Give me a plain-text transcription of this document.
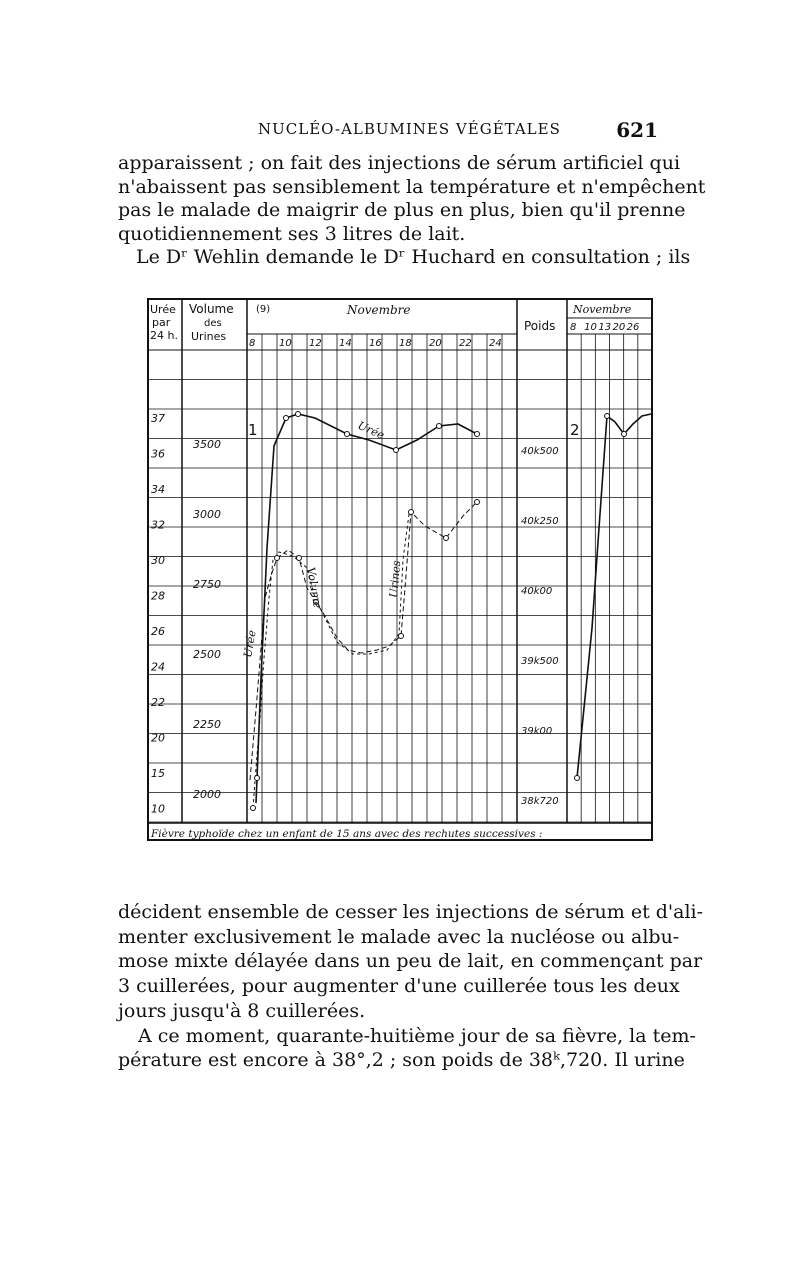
NUCLÉO-ALBUMINES VÉGÉTALES	621

apparaissent ; on fait des injections de sérum artificiel qui
n'abaissent pas sensiblement la température et n'empêchent
pas le malade de maigrir de plus en plus, bien qu'il prenne
quotidiennement ses 3 litres de lait.
Le Dʳ Wehlin demande le Dʳ Huchard en consultation ; ils

Urée
par
24 h.
Volume
des
Urines
(9)	Novembre
Poids
Novembre
8 10 12 14 16 18 20 22 24
8 10 13 20 26
37
36
34
32
30
28
26
24
22
20
15
10
3500
3000
2750
2500
2250
2000
40k500
40k250
40k00
39k500
39k00
38k720
Urée
Volume	Urines
Urée
1	2
Fièvre typhoïde chez un enfant de 15 ans avec des rechutes successives :

décident ensemble de cesser les injections de sérum et d'ali-
menter exclusivement le malade avec la nucléose ou albu-
mose mixte délayée dans un peu de lait, en commençant par
3 cuillerées, pour augmenter d'une cuillerée tous les deux
jours jusqu'à 8 cuillerées.
A ce moment, quarante-huitième jour de sa fièvre, la tem-
pérature est encore à 38°,2 ; son poids de 38ᵏ,720. Il urine
